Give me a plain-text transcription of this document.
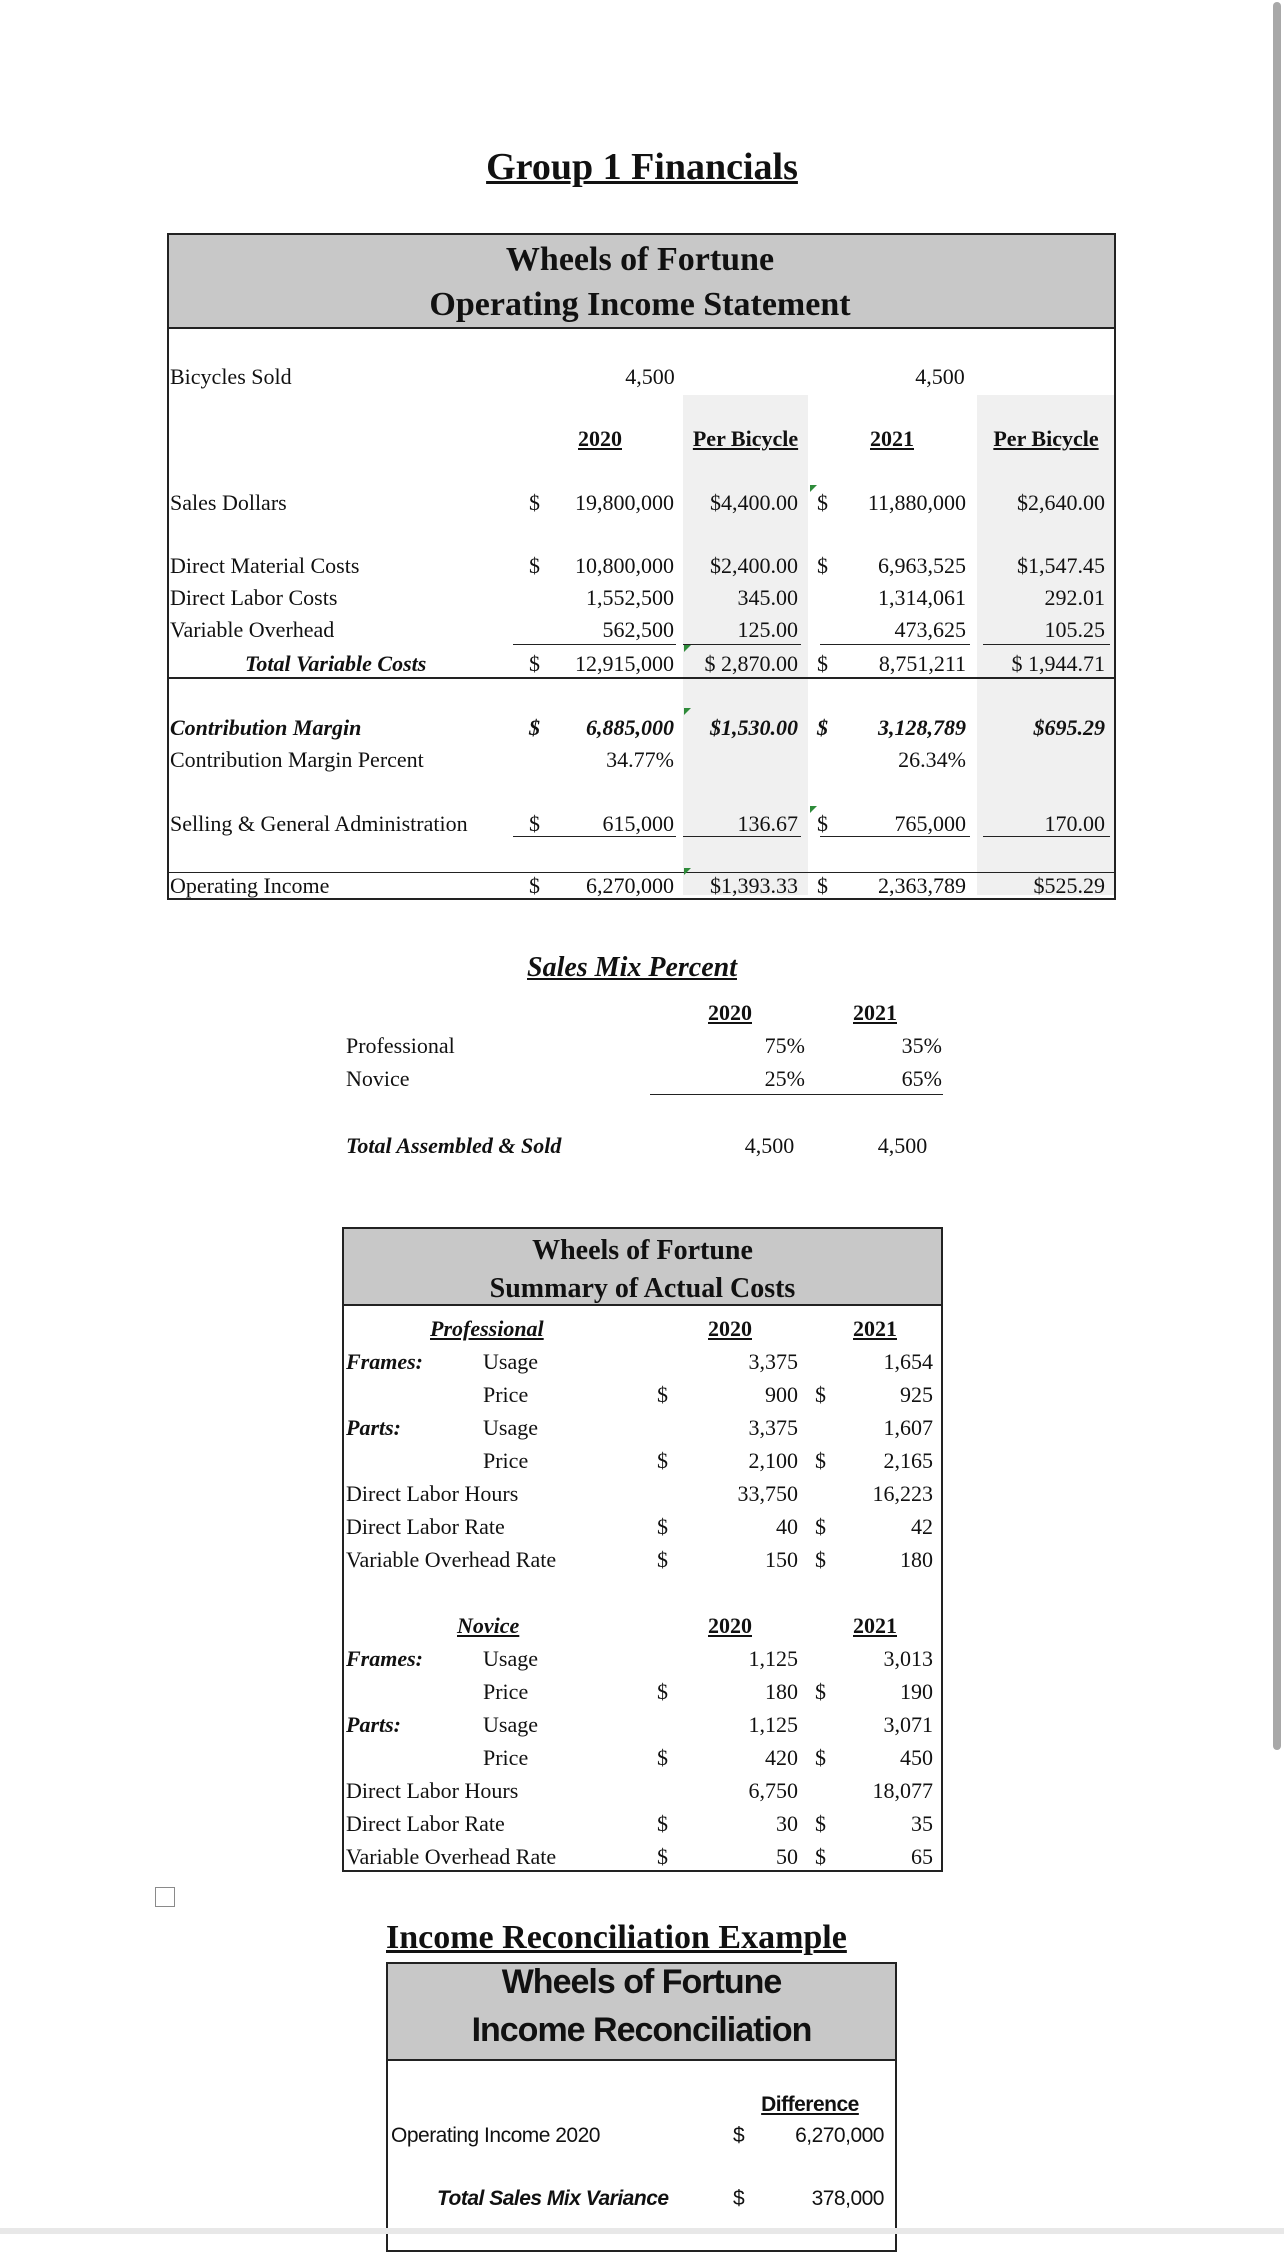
Group 1 Financials
Wheels of Fortune
Operating Income Statement
Bicycles Sold	4,500	4,500
2020	Per Bicycle	2021	Per Bicycle
Sales Dollars	$	19,800,000	$4,400.00 $	11,880,000	$2,640.00
Direct Material Costs	$	10,800,000	$2,400.00 $	6,963,525	$1,547.45
Direct Labor Costs	1,552,500	345.00	1,314,061	292.01
Variable Overhead	562,500	125.00	473,625	105.25
Total Variable Costs	$	12,915,000	$ 2,870.00 $	8,751,211	$ 1,944.71
Contribution Margin	$	6,885,000	$1,530.00 $	3,128,789	$695.29
Contribution Margin Percent	34.77%	26.34%
Selling & General Administration	$	615,000	136.67 $	765,000	170.00
Operating Income	$	6,270,000	$1,393.33 $	2,363,789	$525.29
Sales Mix Percent
2020	2021
Professional	75%	35%
Novice	25%	65%
Total Assembled & Sold	4,500	4,500
Wheels of Fortune
Summary of Actual Costs
Professional	2020	2021
Frames:	Usage	3,375	1,654
Price	$	900 $	925
Parts:	Usage	3,375	1,607
Price	$	2,100 $	2,165
Direct Labor Hours	33,750	16,223
Direct Labor Rate	$	40 $	42
Variable Overhead Rate	$	150 $	180
Novice	2020	2021
Frames:	Usage	1,125	3,013
Price	$	180 $	190
Parts:	Usage	1,125	3,071
Price	$	420 $	450
Direct Labor Hours	6,750	18,077
Direct Labor Rate	$	30 $	35
Variable Overhead Rate	$	50 $	65
Income Reconciliation Example
Wheels of Fortune
Income Reconciliation
Difference
Operating Income 2020	$	6,270,000
Total Sales Mix Variance	$	378,000
